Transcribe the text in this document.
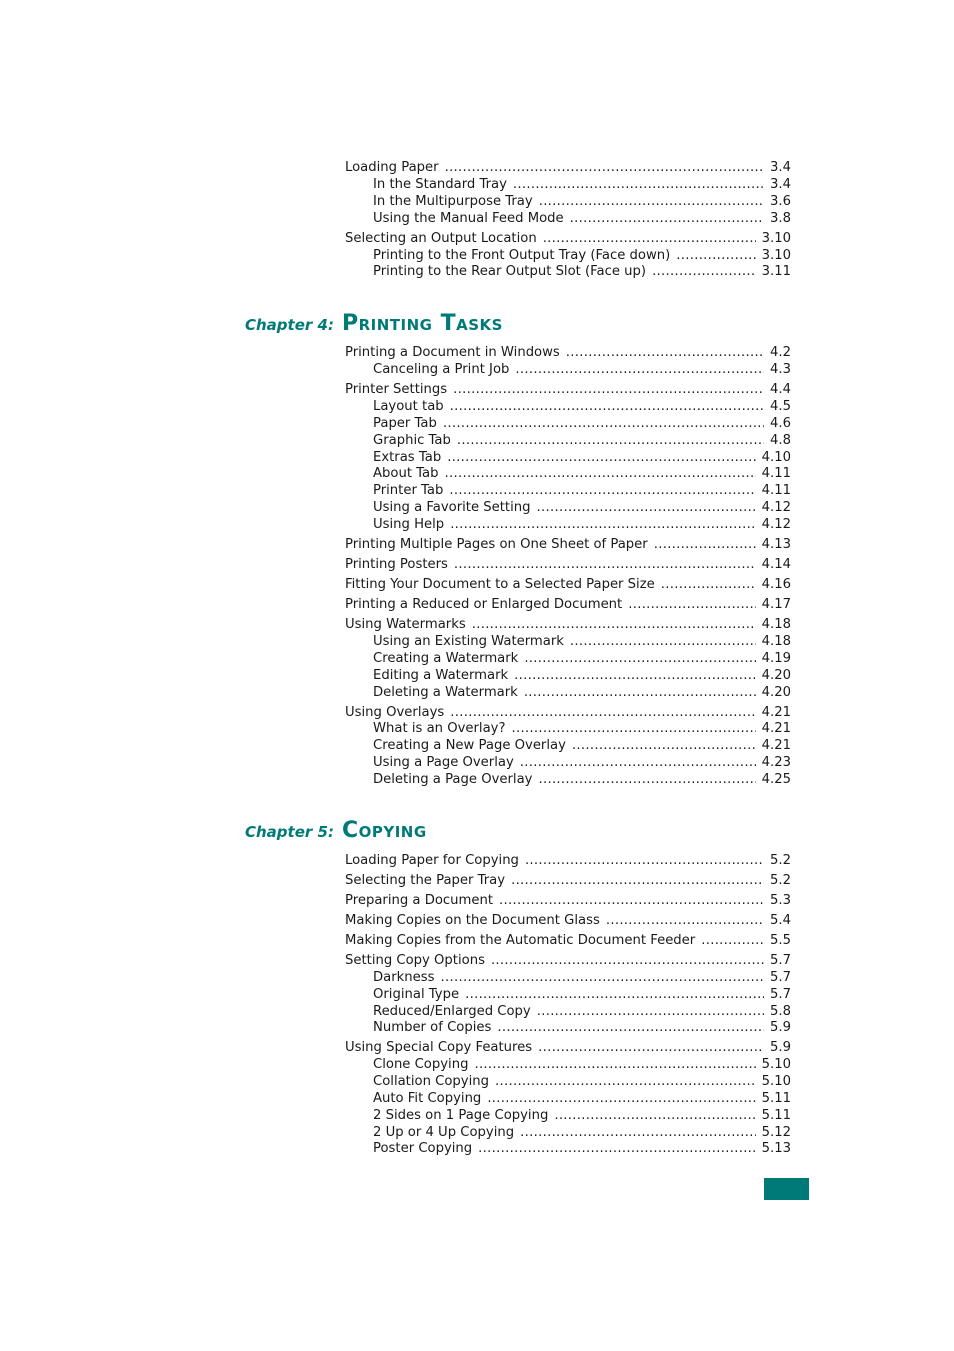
Loading Paper .....	3.4
In the Standard Tray .....	3.4
In the Multipurpose Tray .....	3.6
Using the Manual Feed Mode .....	3.8
Selecting an Output Location .....	3.10
Printing to the Front Output Tray (Face down) .....	3.10
Printing to the Rear Output Slot (Face up) .....	3.11
Chapter 4: Printing Tasks
Printing a Document in Windows .....	4.2
Canceling a Print Job .....	4.3
Printer Settings .....	4.4
Layout tab .....	4.5
Paper Tab .....	4.6
Graphic Tab .....	4.8
Extras Tab .....	4.10
About Tab .....	4.11
Printer Tab .....	4.11
Using a Favorite Setting .....	4.12
Using Help .....	4.12
Printing Multiple Pages on One Sheet of Paper .....	4.13
Printing Posters .....	4.14
Fitting Your Document to a Selected Paper Size .....	4.16
Printing a Reduced or Enlarged Document .....	4.17
Using Watermarks .....	4.18
Using an Existing Watermark .....	4.18
Creating a Watermark .....	4.19
Editing a Watermark .....	4.20
Deleting a Watermark .....	4.20
Using Overlays .....	4.21
What is an Overlay? .....	4.21
Creating a New Page Overlay .....	4.21
Using a Page Overlay .....	4.23
Deleting a Page Overlay .....	4.25
Chapter 5: Copying
Loading Paper for Copying .....	5.2
Selecting the Paper Tray .....	5.2
Preparing a Document .....	5.3
Making Copies on the Document Glass .....	5.4
Making Copies from the Automatic Document Feeder .....	5.5
Setting Copy Options .....	5.7
Darkness .....	5.7
Original Type .....	5.7
Reduced/Enlarged Copy .....	5.8
Number of Copies .....	5.9
Using Special Copy Features .....	5.9
Clone Copying .....	5.10
Collation Copying .....	5.10
Auto Fit Copying .....	5.11
2 Sides on 1 Page Copying .....	5.11
2 Up or 4 Up Copying .....	5.12
Poster Copying .....	5.13
